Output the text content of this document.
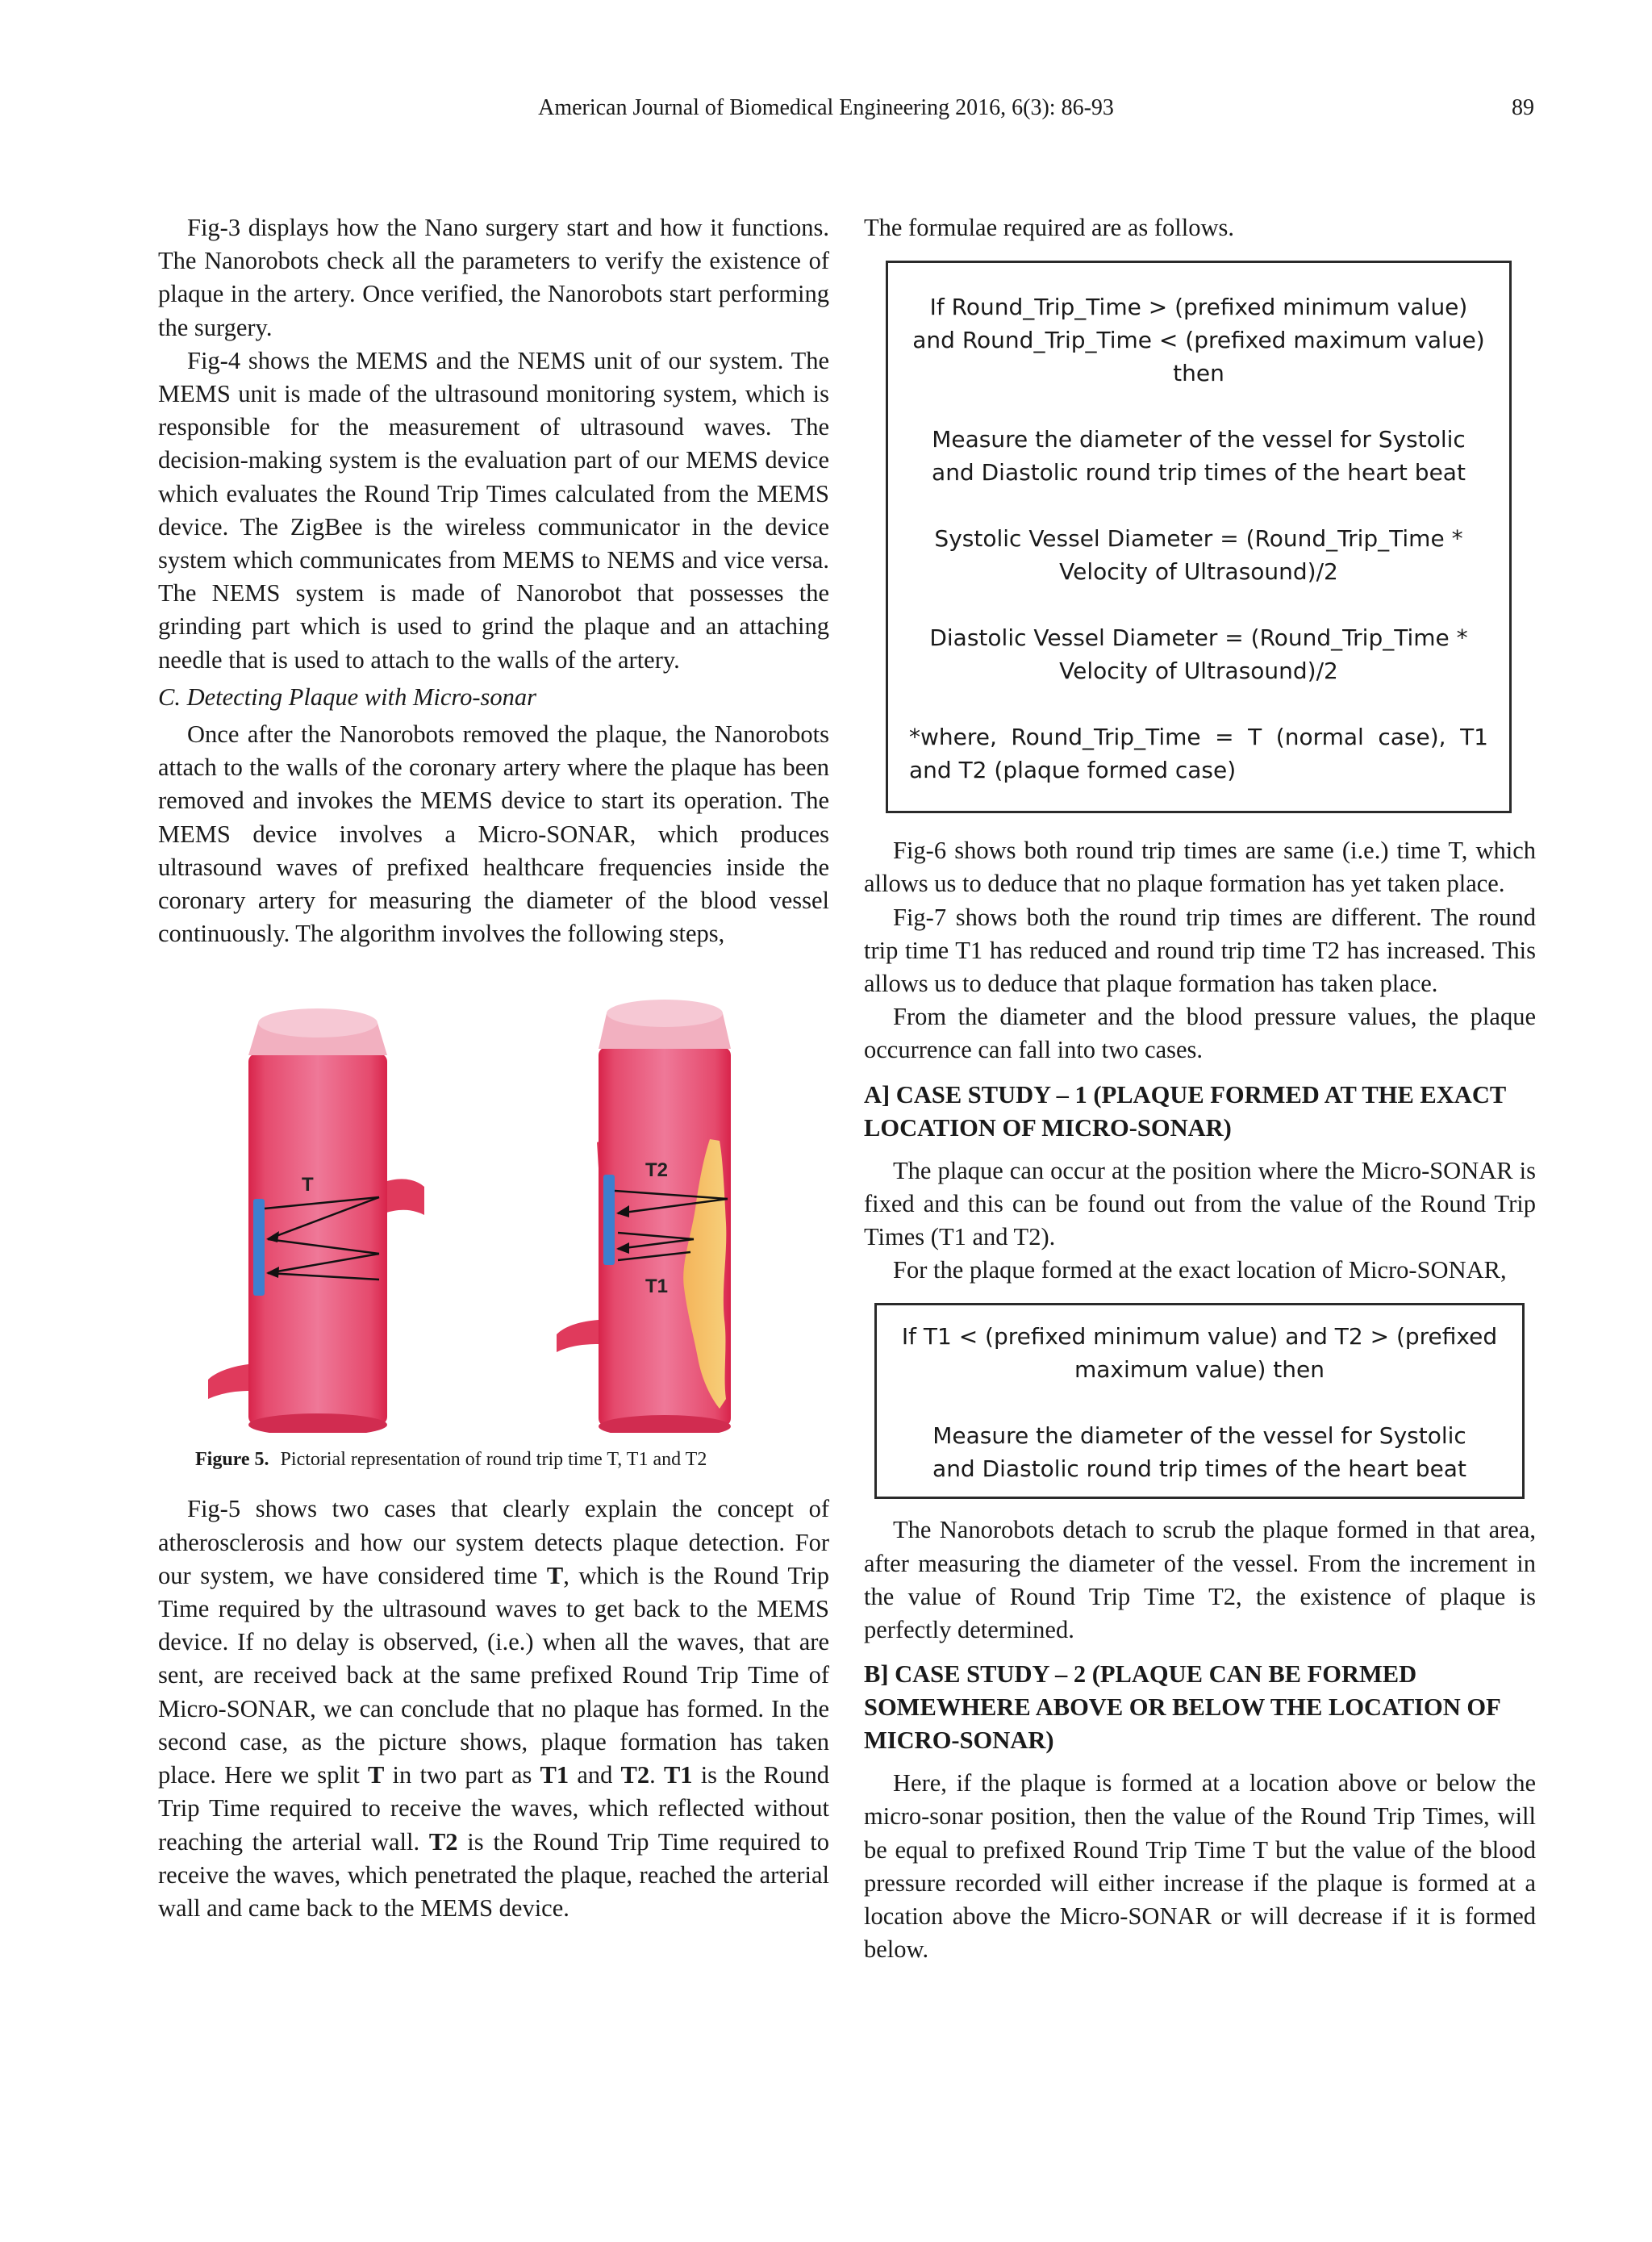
American Journal of Biomedical Engineering 2016, 6(3): 86-93	89

Fig-3 displays how the Nano surgery start and how it functions. The Nanorobots check all the parameters to verify the existence of plaque in the artery. Once verified, the Nanorobots start performing the surgery.

Fig-4 shows the MEMS and the NEMS unit of our system. The MEMS unit is made of the ultrasound monitoring system, which is responsible for the measurement of ultrasound waves. The decision-making system is the evaluation part of our MEMS device which evaluates the Round Trip Times calculated from the MEMS device. The ZigBee is the wireless communicator in the device system which communicates from MEMS to NEMS and vice versa. The NEMS system is made of Nanorobot that possesses the grinding part which is used to grind the plaque and an attaching needle that is used to attach to the walls of the artery.

C. Detecting Plaque with Micro-sonar

Once after the Nanorobots removed the plaque, the Nanorobots attach to the walls of the coronary artery where the plaque has been removed and invokes the MEMS device to start its operation. The MEMS device involves a Micro-SONAR, which produces ultrasound waves of prefixed healthcare frequencies inside the coronary artery for measuring the diameter of the blood vessel continuously. The algorithm involves the following steps,

T
T2
T1
Figure 5. Pictorial representation of round trip time T, T1 and T2

Fig-5 shows two cases that clearly explain the concept of atherosclerosis and how our system detects plaque detection. For our system, we have considered time T, which is the Round Trip Time required by the ultrasound waves to get back to the MEMS device. If no delay is observed, (i.e.) when all the waves, that are sent, are received back at the same prefixed Round Trip Time of Micro-SONAR, we can conclude that no plaque has formed. In the second case, as the picture shows, plaque formation has taken place. Here we split T in two part as T1 and T2. T1 is the Round Trip Time required to receive the waves, which reflected without reaching the arterial wall. T2 is the Round Trip Time required to receive the waves, which penetrated the plaque, reached the arterial wall and came back to the MEMS device.

The formulae required are as follows.

If Round_Trip_Time > (prefixed minimum value)
and Round_Trip_Time < (prefixed maximum value)
then
Measure the diameter of the vessel for Systolic
and Diastolic round trip times of the heart beat
Systolic Vessel Diameter = (Round_Trip_Time *
Velocity of Ultrasound)/2
Diastolic Vessel Diameter = (Round_Trip_Time *
Velocity of Ultrasound)/2
*where, Round_Trip_Time = T (normal case), T1 and T2 (plaque formed case)

Fig-6 shows both round trip times are same (i.e.) time T, which allows us to deduce that no plaque formation has yet taken place.

Fig-7 shows both the round trip times are different. The round trip time T1 has reduced and round trip time T2 has increased. This allows us to deduce that plaque formation has taken place.

From the diameter and the blood pressure values, the plaque occurrence can fall into two cases.

A] CASE STUDY – 1 (PLAQUE FORMED AT THE EXACT LOCATION OF MICRO-SONAR)

The plaque can occur at the position where the Micro-SONAR is fixed and this can be found out from the value of the Round Trip Times (T1 and T2).

For the plaque formed at the exact location of Micro-SONAR,

If T1 < (prefixed minimum value) and T2 > (prefixed
maximum value) then
Measure the diameter of the vessel for Systolic
and Diastolic round trip times of the heart beat

The Nanorobots detach to scrub the plaque formed in that area, after measuring the diameter of the vessel. From the increment in the value of Round Trip Time T2, the existence of plaque is perfectly determined.

B] CASE STUDY – 2 (PLAQUE CAN BE FORMED SOMEWHERE ABOVE OR BELOW THE LOCATION OF MICRO-SONAR)

Here, if the plaque is formed at a location above or below the micro-sonar position, then the value of the Round Trip Times, will be equal to prefixed Round Trip Time T but the value of the blood pressure recorded will either increase if the plaque is formed at a location above the Micro-SONAR or will decrease if it is formed below.
